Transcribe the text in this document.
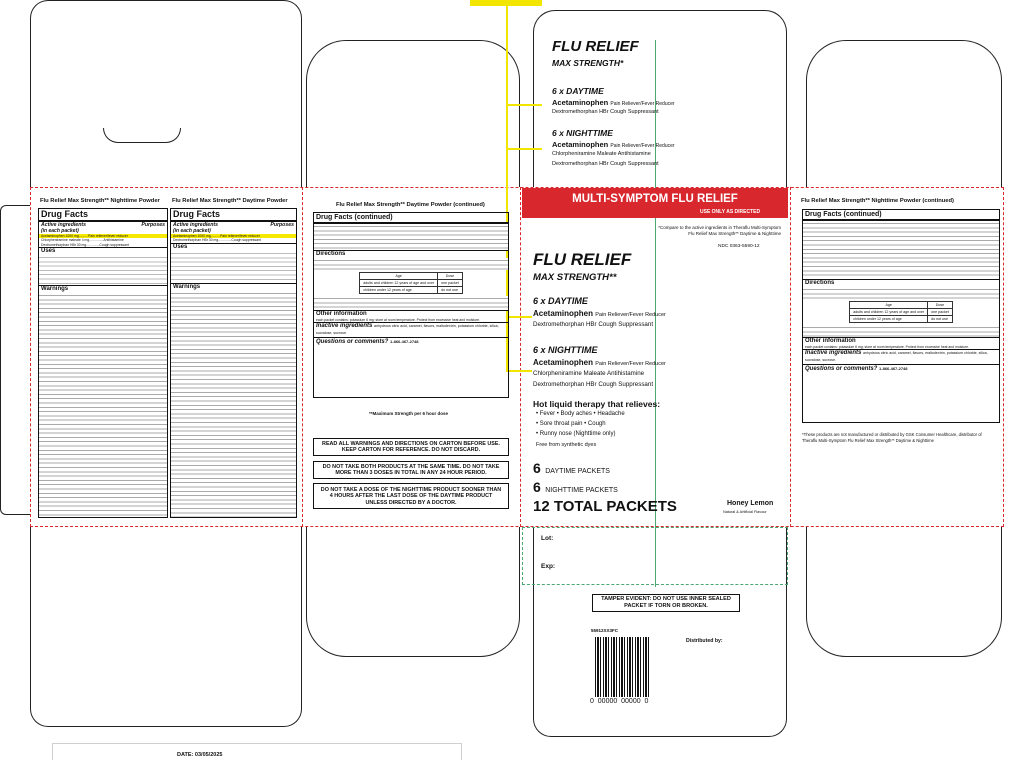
FLU RELIEF
MAX STRENGTH*
6 x DAYTIME
Acetaminophen Pain Reliever/Fever Reducer
Dextromethorphan HBr Cough Suppressant
6 x NIGHTTIME
Acetaminophen Pain Reliever/Fever Reducer
Chlorpheniramine Maleate Antihistamine
Dextromethorphan HBr Cough Suppressant
Flu Relief Max Strength** Nighttime Powder
Drug Facts
Active ingredients	Purposes
(in each packet)
Acetaminophen 1000 mg..........Pain reliever/fever reducer
Chlorpheniramine maleate 4 mg...............Antihistamine
Dextromethorphan HBr 30 mg..............Cough suppressant
Uses
Warnings
Flu Relief Max Strength** Daytime Powder
Drug Facts
Active ingredients	Purposes
(in each packet)
Acetaminophen 1000 mg..........Pain reliever/fever reducer
Dextromethorphan HBr 30 mg..............Cough suppressant
Uses
Warnings
Flu Relief Max Strength** Daytime Powder (continued)
Drug Facts (continued)
Directions
Age	Dose
adults and children 12 years of age and over	one packet
children under 12 years of age	do not use
Other information
each packet contains: potassium 6 mg; store at room temperature. Protect from excessive heat and moisture.
Inactive ingredients anhydrous citric acid, caramel, flavors, maltodextrin, potassium chloride, silica, sucralose, sucrose.
Questions or comments? 1-866-467-2748
**Maximum Strength per 6 hour dose
READ ALL WARNINGS AND DIRECTIONS ON CARTON BEFORE USE. KEEP CARTON FOR REFERENCE. DO NOT DISCARD.
DO NOT TAKE BOTH PRODUCTS AT THE SAME TIME. DO NOT TAKE MORE THAN 3 DOSES IN TOTAL IN ANY 24 HOUR PERIOD.
DO NOT TAKE A DOSE OF THE NIGHTTIME PRODUCT SOONER THAN 4 HOURS AFTER THE LAST DOSE OF THE DAYTIME PRODUCT UNLESS DIRECTED BY A DOCTOR.
MULTI-SYMPTOM FLU RELIEF
USE ONLY AS DIRECTED
*Compare to the active ingredients in Theraflu Multi-Symptom Flu Relief Max Strength** Daytime & Nighttime
NDC 0363-5590-12
FLU RELIEF
MAX STRENGTH**
6 x DAYTIME
Acetaminophen Pain Reliever/Fever Reducer
Dextromethorphan HBr Cough Suppressant
6 x NIGHTTIME
Acetaminophen Pain Reliever/Fever Reducer
Chlorpheniramine Maleate Antihistamine
Dextromethorphan HBr Cough Suppressant
Hot liquid therapy that relieves:
• Fever • Body aches • Headache
• Sore throat pain • Cough
• Runny nose (Nighttime only)
Free from synthetic dyes
6 DAYTIME PACKETS
6 NIGHTTIME PACKETS
12 TOTAL PACKETS	Honey Lemon
Natural & Artificial Flavour
Flu Relief Max Strength** Nighttime Powder (continued)
Drug Facts (continued)
Directions
Age	Dose
adults and children 12 years of age and over	one packet
children under 12 years of age	do not use
Other information
each packet contains: potassium 6 mg; store at room temperature. Protect from excessive heat and moisture.
Inactive ingredients anhydrous citric acid, caramel, flavors, maltodextrin, potassium chloride, silica, sucralose, sucrose.
Questions or comments? 1-866-467-2748
*These products are not manufactured or distributed by GSK Consumer Healthcare, distributor of Theraflu Multi-Symptom Flu Relief Max Strength** Daytime & Nighttime
Lot:
Exp:
TAMPER EVIDENT: DO NOT USE INNER SEALED PACKET IF TORN OR BROKEN.
55912XX3FC
Distributed by:
0  00000  00000  0
DATE: 03/05/2025
